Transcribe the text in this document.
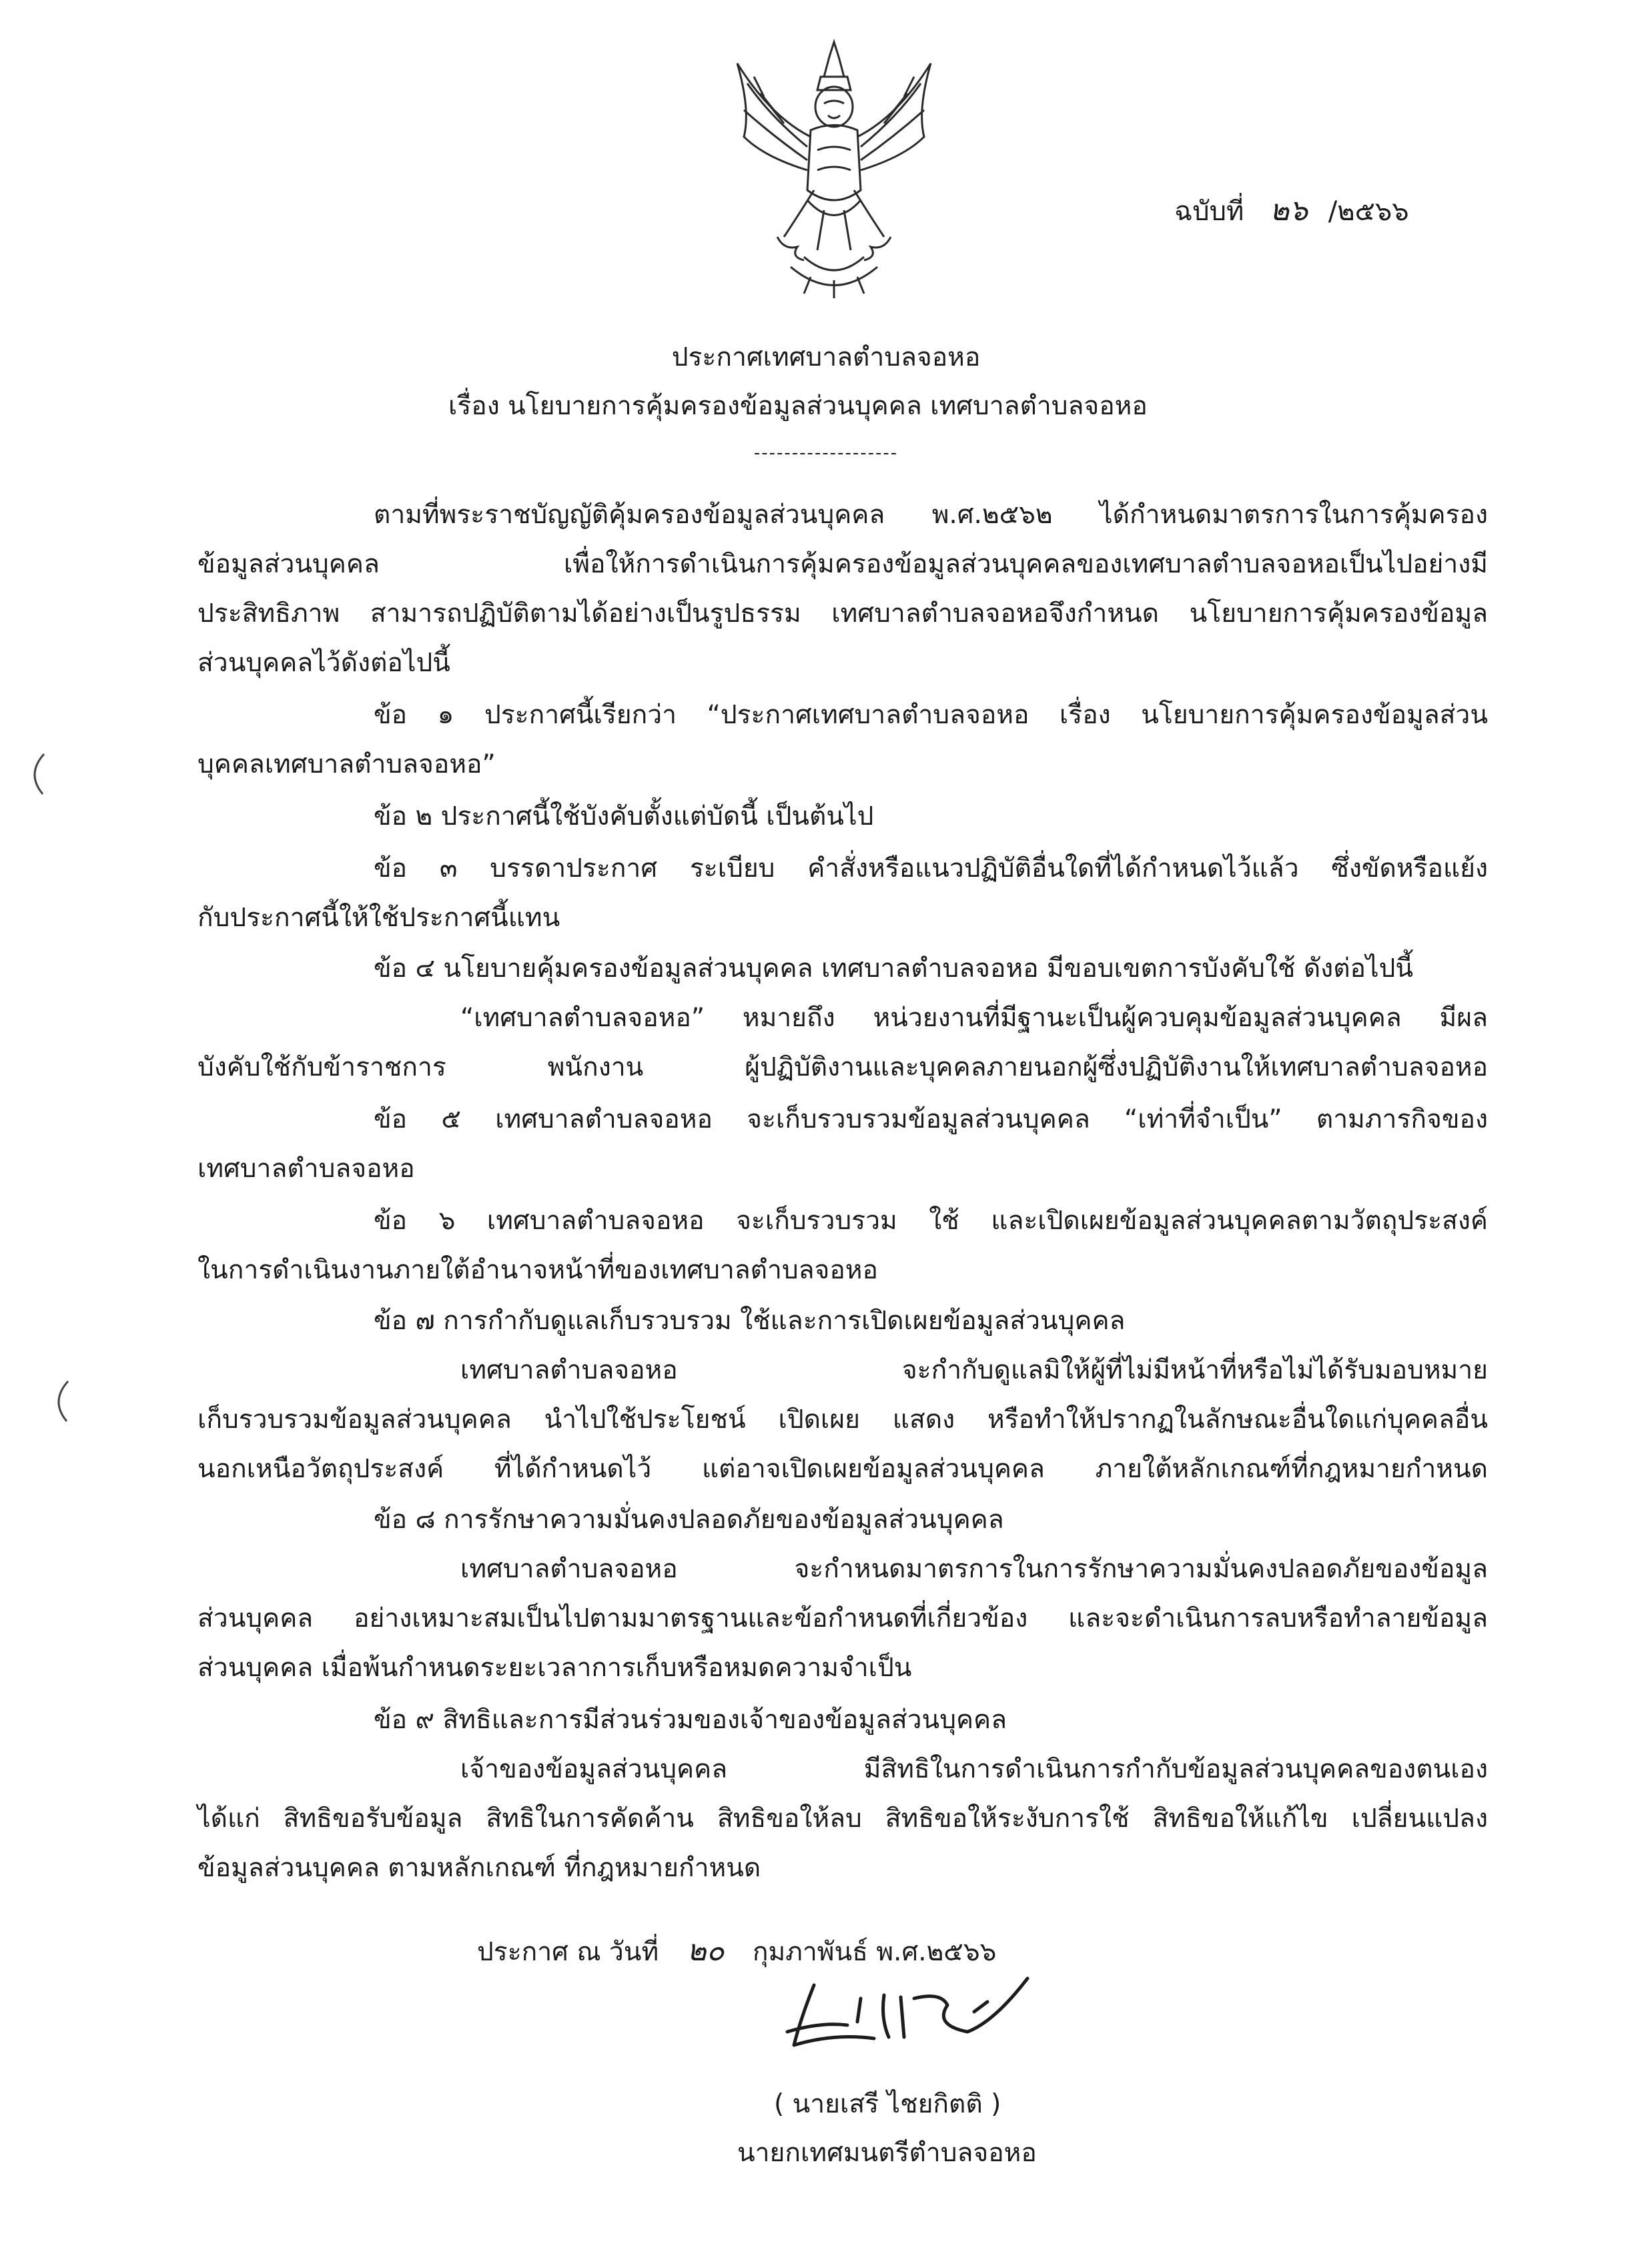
ฉบับที่ ๒๖ /๒๕๖๖
ประกาศเทศบาลตำบลจอหอ
เรื่อง นโยบายการคุ้มครองข้อมูลส่วนบุคคล เทศบาลตำบลจอหอ
-------------------
ตามที่พระราชบัญญัติคุ้มครองข้อมูลส่วนบุคคล พ.ศ.๒๕๖๒ ได้กำหนดมาตรการในการคุ้มครอง
ข้อมูลส่วนบุคคล เพื่อให้การดำเนินการคุ้มครองข้อมูลส่วนบุคคลของเทศบาลตำบลจอหอเป็นไปอย่างมี
ประสิทธิภาพ สามารถปฏิบัติตามได้อย่างเป็นรูปธรรม เทศบาลตำบลจอหอจึงกำหนด นโยบายการคุ้มครองข้อมูล
ส่วนบุคคลไว้ดังต่อไปนี้
ข้อ ๑ ประกาศนี้เรียกว่า “ประกาศเทศบาลตำบลจอหอ เรื่อง นโยบายการคุ้มครองข้อมูลส่วน
บุคคลเทศบาลตำบลจอหอ”
ข้อ ๒ ประกาศนี้ใช้บังคับตั้งแต่บัดนี้ เป็นต้นไป
ข้อ ๓ บรรดาประกาศ ระเบียบ คำสั่งหรือแนวปฏิบัติอื่นใดที่ได้กำหนดไว้แล้ว ซึ่งขัดหรือแย้ง
กับประกาศนี้ให้ใช้ประกาศนี้แทน
ข้อ ๔ นโยบายคุ้มครองข้อมูลส่วนบุคคล เทศบาลตำบลจอหอ มีขอบเขตการบังคับใช้ ดังต่อไปนี้
“เทศบาลตำบลจอหอ” หมายถึง หน่วยงานที่มีฐานะเป็นผู้ควบคุมข้อมูลส่วนบุคคล มีผล
บังคับใช้กับข้าราชการ พนักงาน ผู้ปฏิบัติงานและบุคคลภายนอกผู้ซึ่งปฏิบัติงานให้เทศบาลตำบลจอหอ
ข้อ ๕ เทศบาลตำบลจอหอ จะเก็บรวบรวมข้อมูลส่วนบุคคล “เท่าที่จำเป็น” ตามภารกิจของ
เทศบาลตำบลจอหอ
ข้อ ๖ เทศบาลตำบลจอหอ จะเก็บรวบรวม ใช้ และเปิดเผยข้อมูลส่วนบุคคลตามวัตถุประสงค์
ในการดำเนินงานภายใต้อำนาจหน้าที่ของเทศบาลตำบลจอหอ
ข้อ ๗ การกำกับดูแลเก็บรวบรวม ใช้และการเปิดเผยข้อมูลส่วนบุคคล
เทศบาลตำบลจอหอ จะกำกับดูแลมิให้ผู้ที่ไม่มีหน้าที่หรือไม่ได้รับมอบหมาย
เก็บรวบรวมข้อมูลส่วนบุคคล นำไปใช้ประโยชน์ เปิดเผย แสดง หรือทำให้ปรากฏในลักษณะอื่นใดแก่บุคคลอื่น
นอกเหนือวัตถุประสงค์ ที่ได้กำหนดไว้ แต่อาจเปิดเผยข้อมูลส่วนบุคคล ภายใต้หลักเกณฑ์ที่กฎหมายกำหนด
ข้อ ๘ การรักษาความมั่นคงปลอดภัยของข้อมูลส่วนบุคคล
เทศบาลตำบลจอหอ จะกำหนดมาตรการในการรักษาความมั่นคงปลอดภัยของข้อมูล
ส่วนบุคคล อย่างเหมาะสมเป็นไปตามมาตรฐานและข้อกำหนดที่เกี่ยวข้อง และจะดำเนินการลบหรือทำลายข้อมูล
ส่วนบุคคล เมื่อพ้นกำหนดระยะเวลาการเก็บหรือหมดความจำเป็น
ข้อ ๙ สิทธิและการมีส่วนร่วมของเจ้าของข้อมูลส่วนบุคคล
เจ้าของข้อมูลส่วนบุคคล มีสิทธิในการดำเนินการกำกับข้อมูลส่วนบุคคลของตนเอง
ได้แก่ สิทธิขอรับข้อมูล สิทธิในการคัดค้าน สิทธิขอให้ลบ สิทธิขอให้ระงับการใช้ สิทธิขอให้แก้ไข เปลี่ยนแปลง
ข้อมูลส่วนบุคคล ตามหลักเกณฑ์ ที่กฎหมายกำหนด
ประกาศ ณ วันที่ ๒๐ กุมภาพันธ์ พ.ศ.๒๕๖๖
( นายเสรี ไชยกิตติ )
นายกเทศมนตรีตำบลจอหอ
